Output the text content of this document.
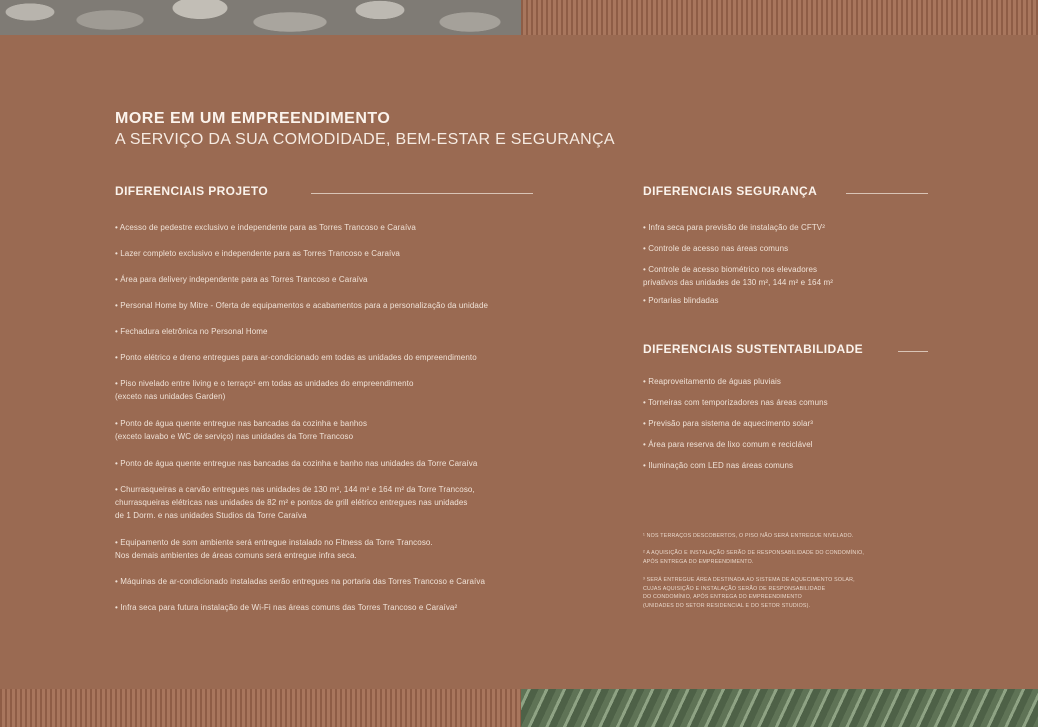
MORE EM UM EMPREENDIMENTO
A SERVIÇO DA SUA COMODIDADE, BEM-ESTAR E SEGURANÇA
DIFERENCIAIS PROJETO
• Acesso de pedestre exclusivo e independente para as Torres Trancoso e Caraíva
• Lazer completo exclusivo e independente para as Torres Trancoso e Caraíva
• Área para delivery independente para as Torres Trancoso e Caraíva
• Personal Home by Mitre - Oferta de equipamentos e acabamentos para a personalização da unidade
• Fechadura eletrônica no Personal Home
• Ponto elétrico e dreno entregues para ar-condicionado em todas as unidades do empreendimento
• Piso nivelado entre living e o terraço¹ em todas as unidades do empreendimento
(exceto nas unidades Garden)
• Ponto de água quente entregue nas bancadas da cozinha e banhos
(exceto lavabo e WC de serviço) nas unidades da Torre Trancoso
• Ponto de água quente entregue nas bancadas da cozinha e banho nas unidades da Torre Caraíva
• Churrasqueiras a carvão entregues nas unidades de 130 m², 144 m² e 164 m² da Torre Trancoso,
churrasqueiras elétricas nas unidades de 82 m² e pontos de grill elétrico entregues nas unidades
de 1 Dorm. e nas unidades Studios da Torre Caraíva
• Equipamento de som ambiente será entregue instalado no Fitness da Torre Trancoso.
Nos demais ambientes de áreas comuns será entregue infra seca.
• Máquinas de ar-condicionado instaladas serão entregues na portaria das Torres Trancoso e Caraíva
• Infra seca para futura instalação de Wi-Fi nas áreas comuns das Torres Trancoso e Caraíva²
DIFERENCIAIS SEGURANÇA
• Infra seca para previsão de instalação de CFTV²
• Controle de acesso nas áreas comuns
• Controle de acesso biométrico nos elevadores
privativos das unidades de 130 m², 144 m² e 164 m²
• Portarias blindadas
DIFERENCIAIS SUSTENTABILIDADE
• Reaproveitamento de águas pluviais
• Torneiras com temporizadores nas áreas comuns
• Previsão para sistema de aquecimento solar³
• Área para reserva de lixo comum e reciclável
• Iluminação com LED nas áreas comuns
¹ NOS TERRAÇOS DESCOBERTOS, O PISO NÃO SERÁ ENTREGUE NIVELADO.
² A AQUISIÇÃO E INSTALAÇÃO SERÃO DE RESPONSABILIDADE DO CONDOMÍNIO,
APÓS ENTREGA DO EMPREENDIMENTO.
³ SERÁ ENTREGUE ÁREA DESTINADA AO SISTEMA DE AQUECIMENTO SOLAR,
CUJAS AQUISIÇÃO E INSTALAÇÃO SERÃO DE RESPONSABILIDADE
DO CONDOMÍNIO, APÓS ENTREGA DO EMPREENDIMENTO
(UNIDADES DO SETOR RESIDENCIAL E DO SETOR STUDIOS).
